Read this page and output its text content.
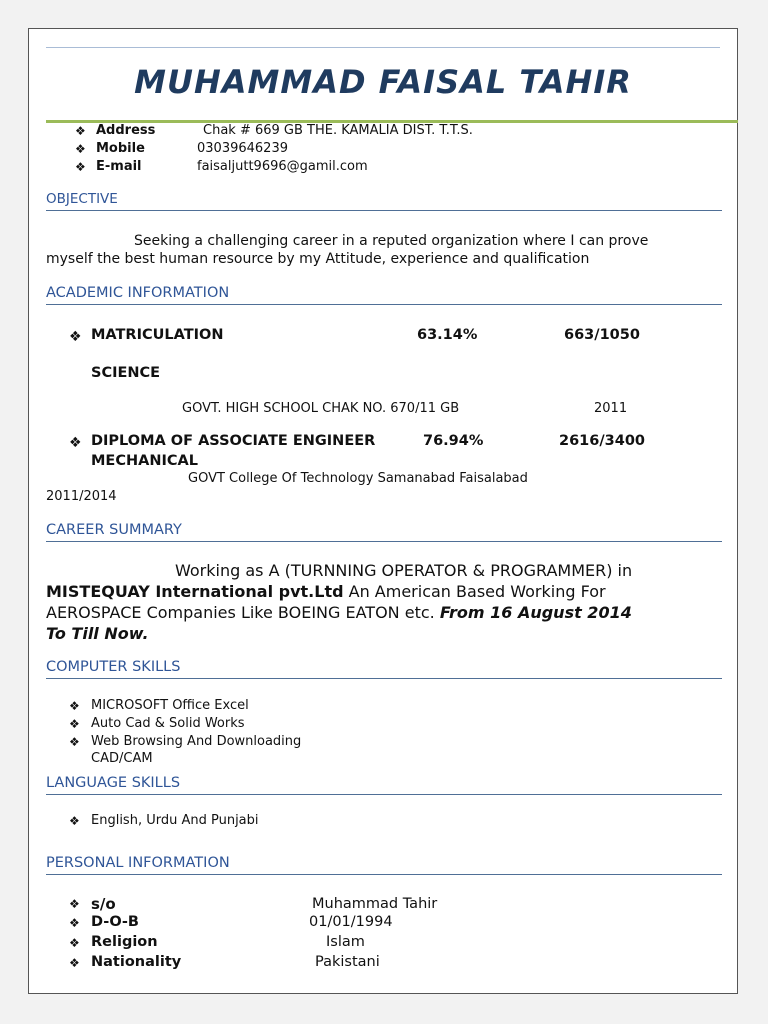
MUHAMMAD FAISAL TAHIR
❖ Address	Chak # 669 GB THE. KAMALIA DIST. T.T.S.
❖ Mobile	03039646239
❖ E-mail	faisaljutt9696@gamil.com
OBJECTIVE
Seeking a challenging career in a reputed organization where I can prove
myself the best human resource by my Attitude, experience and qualification
ACADEMIC INFORMATION
❖ MATRICULATION	63.14%	663/1050
SCIENCE
GOVT. HIGH SCHOOL CHAK NO. 670/11 GB	2011
❖ DIPLOMA OF ASSOCIATE ENGINEER	76.94%	2616/3400
MECHANICAL
GOVT College Of Technology Samanabad Faisalabad
2011/2014
CAREER SUMMARY
Working as A (TURNNING OPERATOR & PROGRAMMER) in
MISTEQUAY International pvt.Ltd An American Based Working For
AEROSPACE Companies Like BOEING EATON etc. From 16 August 2014
To Till Now.
COMPUTER SKILLS
❖ MICROSOFT Office Excel
❖ Auto Cad & Solid Works
❖ Web Browsing And Downloading
CAD/CAM
LANGUAGE SKILLS
❖ English, Urdu And Punjabi
PERSONAL INFORMATION
❖ s/o	Muhammad Tahir
❖ D-O-B	01/01/1994
❖ Religion	Islam
❖ Nationality	Pakistani
